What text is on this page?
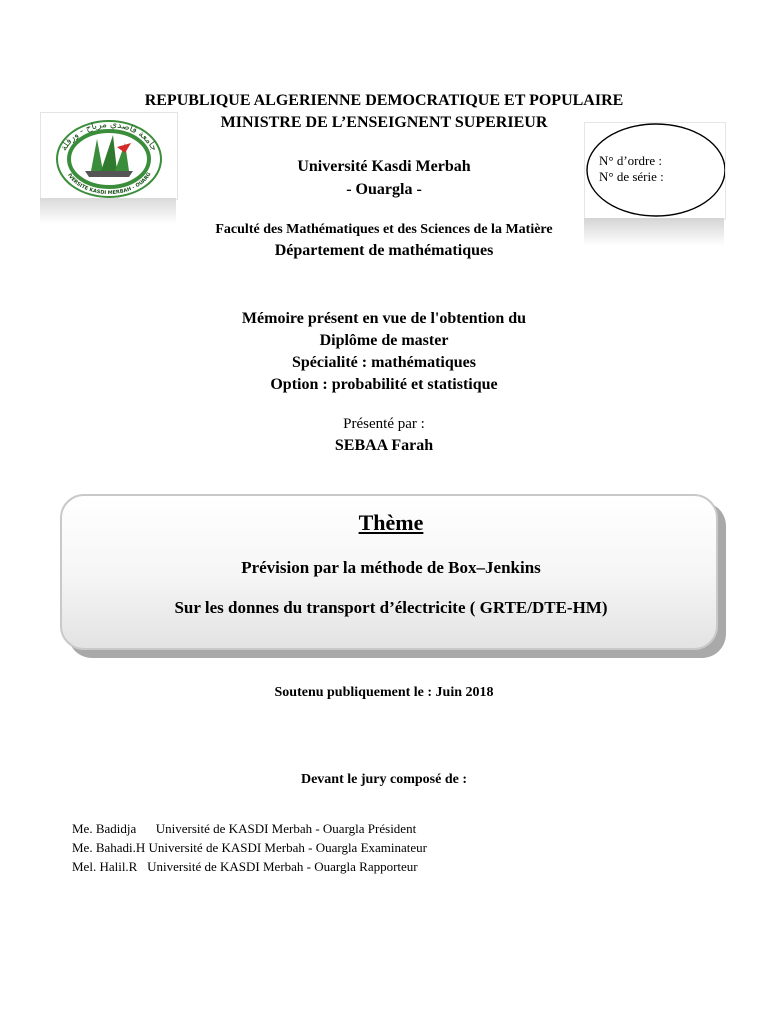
REPUBLIQUE ALGERIENNE DEMOCRATIQUE ET POPULAIRE
MINISTRE DE L’ENSEIGNENT SUPERIEUR
Université Kasdi Merbah
- Ouargla -
جامعة قاصدي مرباح - ورقلة
IVERSITE KASDI MERBAH - OUARG
N° d’ordre :
N° de série :
Faculté des Mathématiques et des Sciences de la Matière
Département de mathématiques
Mémoire présent en vue de l'obtention du
Diplôme de master
Spécialité : mathématiques
Option : probabilité et statistique
Présenté par :
SEBAA Farah
Thème
Prévision par la méthode de Box–Jenkins
Sur les donnes du transport d’électricite ( GRTE/DTE-HM)
Soutenu publiquement le : Juin 2018
Devant le jury composé de :
Me. Badidja      Université de KASDI Merbah - Ouargla Président
Me. Bahadi.H Université de KASDI Merbah - Ouargla Examinateur
Mel. Halil.R   Université de KASDI Merbah - Ouargla Rapporteur
